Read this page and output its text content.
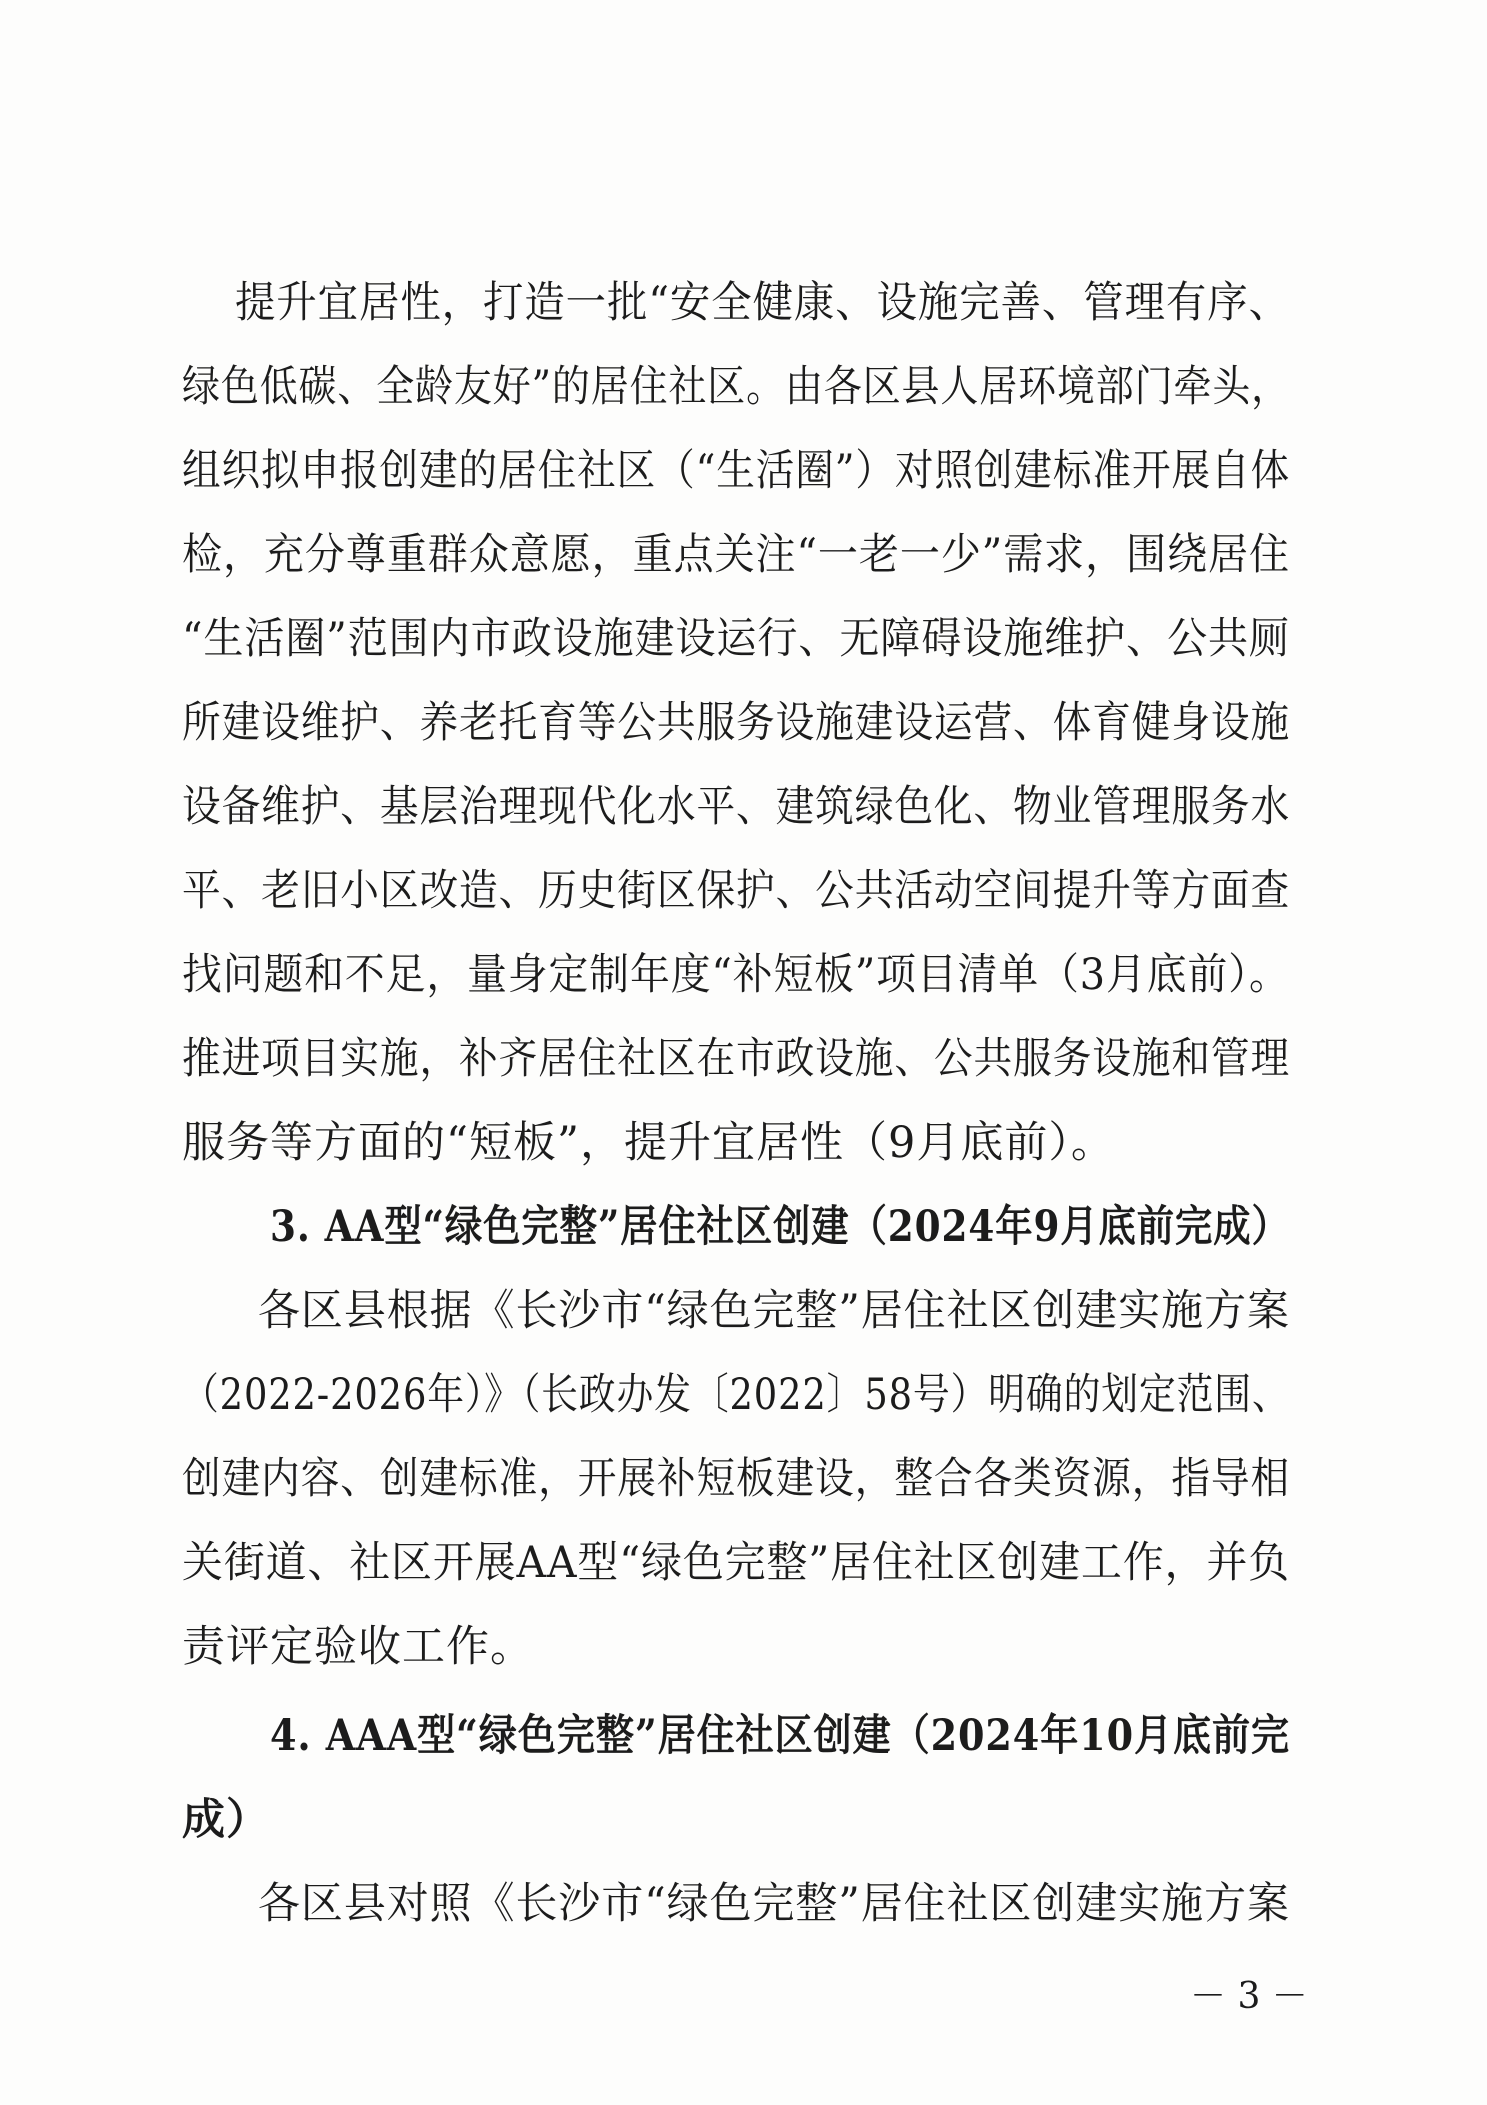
提升宜居性，打造一批“安全健康、设施完善、管理有序、
绿色低碳、全龄友好”的居住社区。由各区县人居环境部门牵头，
组织拟申报创建的居住社区（“生活圈”）对照创建标准开展自体
检，充分尊重群众意愿，重点关注“一老一少”需求，围绕居住
“生活圈”范围内市政设施建设运行、无障碍设施维护、公共厕
所建设维护、养老托育等公共服务设施建设运营、体育健身设施
设备维护、基层治理现代化水平、建筑绿色化、物业管理服务水
平、老旧小区改造、历史街区保护、公共活动空间提升等方面查
找问题和不足，量身定制年度“补短板”项目清单（3月底前）。
推进项目实施，补齐居住社区在市政设施、公共服务设施和管理
服务等方面的“短板”，提升宜居性（9月底前）。
3. AA型“绿色完整”居住社区创建（2024年9月底前完成）
各区县根据《长沙市“绿色完整”居住社区创建实施方案
（2022-2026年）》（长政办发〔2022〕58号）明确的划定范围、
创建内容、创建标准，开展补短板建设，整合各类资源，指导相
关街道、社区开展AA型“绿色完整”居住社区创建工作，并负
责评定验收工作。
4. AAA型“绿色完整”居住社区创建（2024年10月底前完
成）
各区县对照《长沙市“绿色完整”居住社区创建实施方案
－ 3 －
